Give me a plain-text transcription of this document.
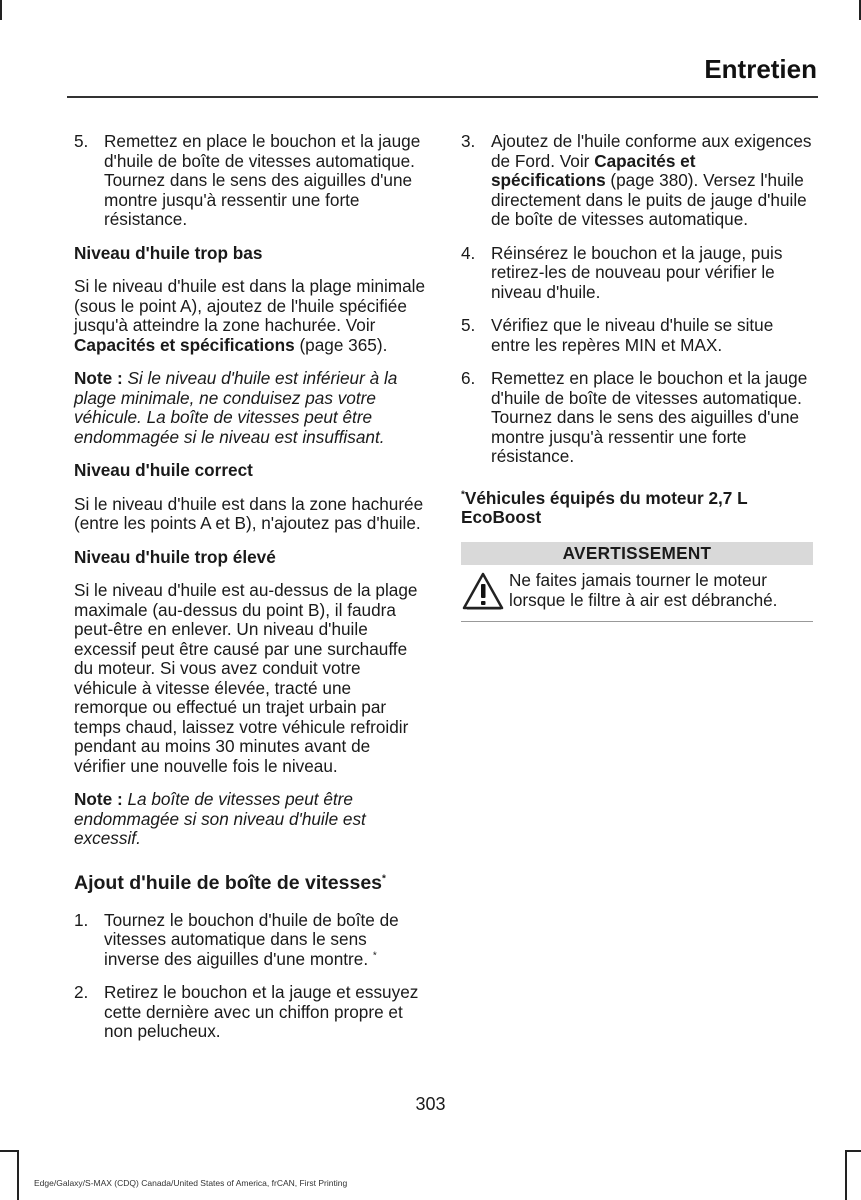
Entretien
5. Remettez en place le bouchon et la jauge d'huile de boîte de vitesses automatique. Tournez dans le sens des aiguilles d'une montre jusqu'à ressentir une forte résistance.
Niveau d'huile trop bas

Si le niveau d'huile est dans la plage minimale (sous le point A), ajoutez de l'huile spécifiée jusqu'à atteindre la zone hachurée. Voir Capacités et spécifications (page 365).

Note : Si le niveau d'huile est inférieur à la plage minimale, ne conduisez pas votre véhicule. La boîte de vitesses peut être endommagée si le niveau est insuffisant.

Niveau d'huile correct

Si le niveau d'huile est dans la zone hachurée (entre les points A et B), n'ajoutez pas d'huile.

Niveau d'huile trop élevé

Si le niveau d'huile est au-dessus de la plage maximale (au-dessus du point B), il faudra peut-être en enlever. Un niveau d'huile excessif peut être causé par une surchauffe du moteur. Si vous avez conduit votre véhicule à vitesse élevée, tracté une remorque ou effectué un trajet urbain par temps chaud, laissez votre véhicule refroidir pendant au moins 30 minutes avant de vérifier une nouvelle fois le niveau.

Note : La boîte de vitesses peut être endommagée si son niveau d'huile est excessif.

Ajout d'huile de boîte de vitesses*
1. Tournez le bouchon d'huile de boîte de vitesses automatique dans le sens inverse des aiguilles d'une montre. *
2. Retirez le bouchon et la jauge et essuyez cette dernière avec un chiffon propre et non pelucheux.
3. Ajoutez de l'huile conforme aux exigences de Ford. Voir Capacités et spécifications (page 380). Versez l'huile directement dans le puits de jauge d'huile de boîte de vitesses automatique.
4. Réinsérez le bouchon et la jauge, puis retirez-les de nouveau pour vérifier le niveau d'huile.
5. Vérifiez que le niveau d'huile se situe entre les repères MIN et MAX.
6. Remettez en place le bouchon et la jauge d'huile de boîte de vitesses automatique. Tournez dans le sens des aiguilles d'une montre jusqu'à ressentir une forte résistance.
*Véhicules équipés du moteur 2,7 L EcoBoost
AVERTISSEMENT
Ne faites jamais tourner le moteur lorsque le filtre à air est débranché.
303
Edge/Galaxy/S-MAX (CDQ) Canada/United States of America, frCAN, First Printing
